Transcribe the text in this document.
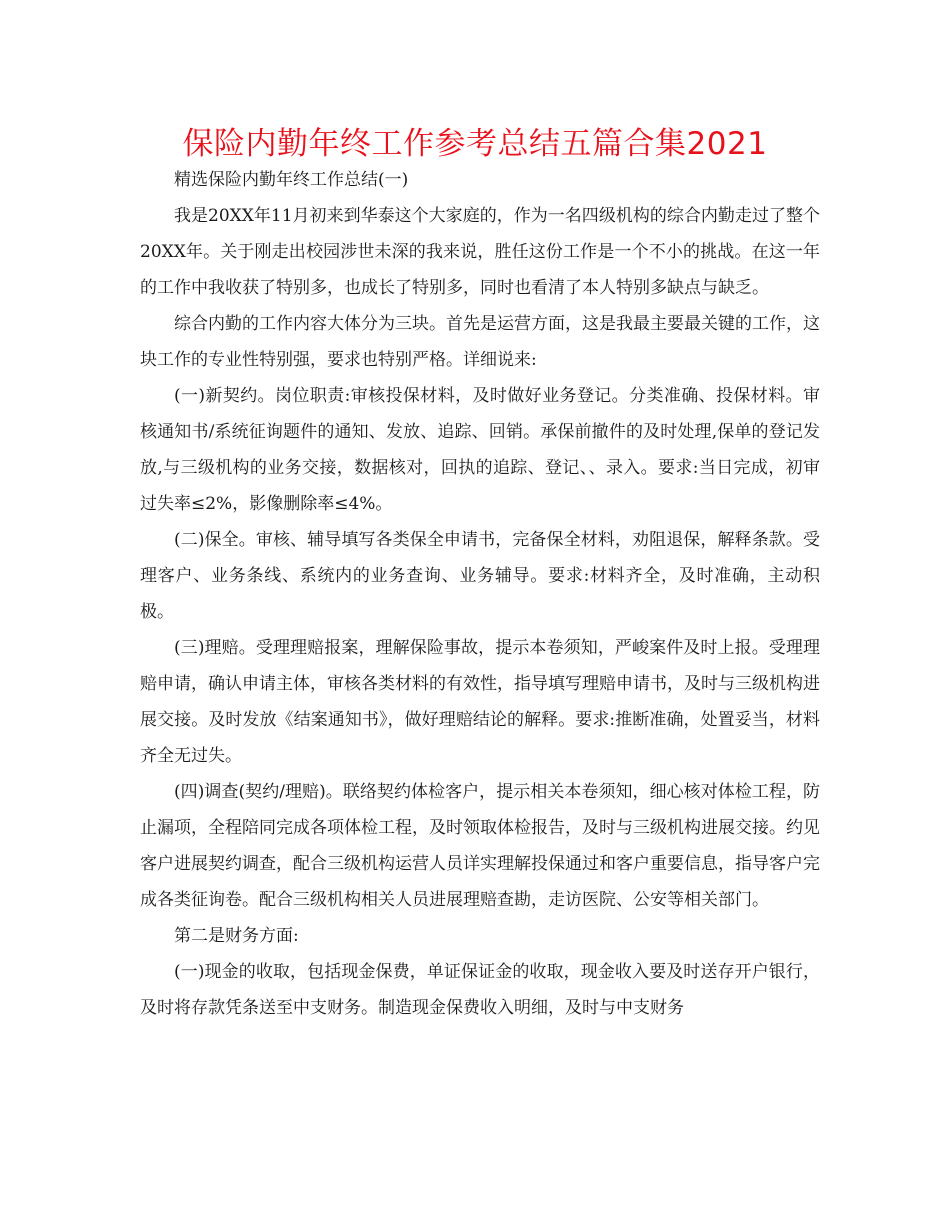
保险内勤年终工作参考总结五篇合集2021

精选保险内勤年终工作总结(一)

我是20XX年11月初来到华泰这个大家庭的，作为一名四级机构的综合内勤走过了整个20XX年。关于刚走出校园涉世未深的我来说，胜任这份工作是一个不小的挑战。在这一年的工作中我收获了特别多，也成长了特别多，同时也看清了本人特别多缺点与缺乏。

综合内勤的工作内容大体分为三块。首先是运营方面，这是我最主要最关键的工作，这块工作的专业性特别强，要求也特别严格。详细说来:

(一)新契约。岗位职责:审核投保材料，及时做好业务登记。分类准确、投保材料。审核通知书/系统征询题件的通知、发放、追踪、回销。承保前撤件的及时处理,保单的登记发放,与三级机构的业务交接，数据核对，回执的追踪、登记、、录入。要求:当日完成，初审过失率≤2%，影像删除率≤4%。

(二)保全。审核、辅导填写各类保全申请书，完备保全材料，劝阻退保，解释条款。受理客户、业务条线、系统内的业务查询、业务辅导。要求:材料齐全，及时准确，主动积极。

(三)理赔。受理理赔报案，理解保险事故，提示本卷须知，严峻案件及时上报。受理理赔申请，确认申请主体，审核各类材料的有效性，指导填写理赔申请书，及时与三级机构进展交接。及时发放《结案通知书》，做好理赔结论的解释。要求:推断准确，处置妥当，材料齐全无过失。

(四)调查(契约/理赔)。联络契约体检客户，提示相关本卷须知，细心核对体检工程，防止漏项，全程陪同完成各项体检工程，及时领取体检报告，及时与三级机构进展交接。约见客户进展契约调查，配合三级机构运营人员详实理解投保通过和客户重要信息，指导客户完成各类征询卷。配合三级机构相关人员进展理赔查勘，走访医院、公安等相关部门。

第二是财务方面:

(一)现金的收取，包括现金保费，单证保证金的收取，现金收入要及时送存开户银行，及时将存款凭条送至中支财务。制造现金保费收入明细，及时与中支财务
